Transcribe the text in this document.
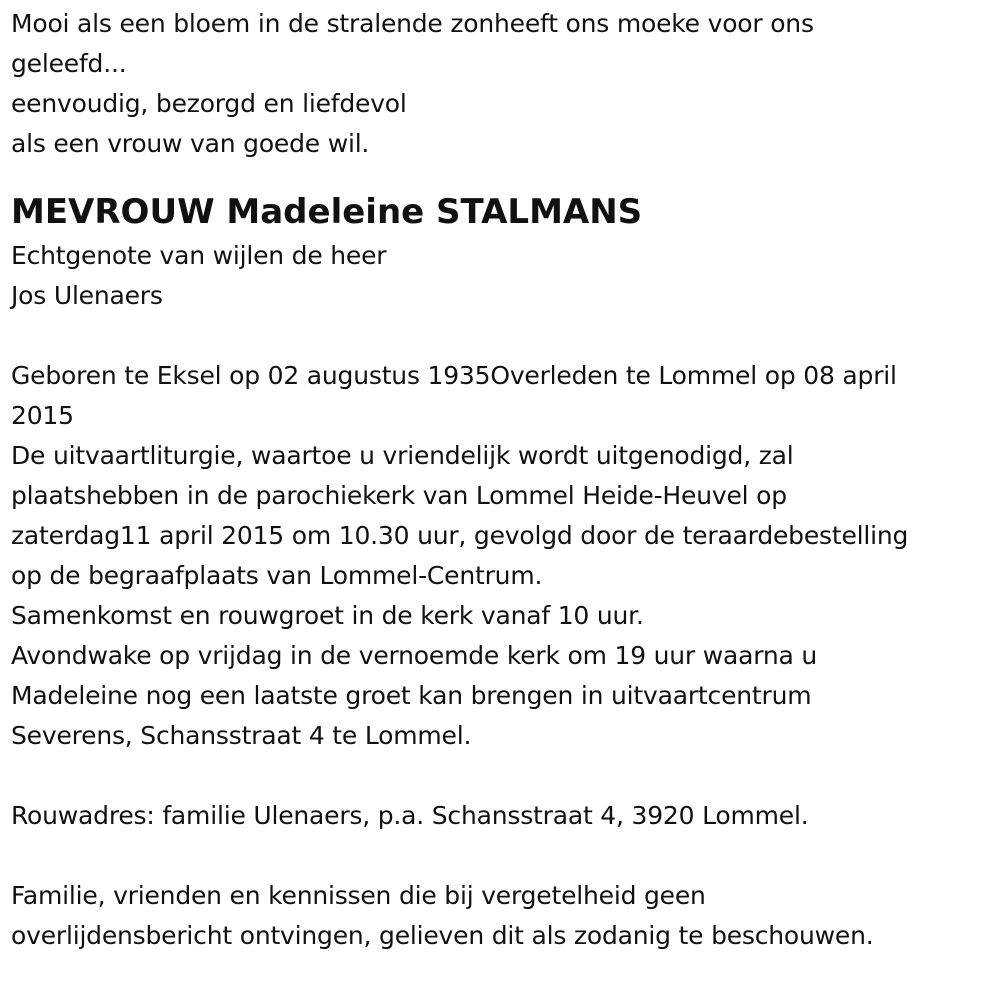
Mooi als een bloem in de stralende zonheeft ons moeke voor ons
geleefd...
eenvoudig, bezorgd en liefdevol
als een vrouw van goede wil.
MEVROUW Madeleine STALMANS
Echtgenote van wijlen de heer
Jos Ulenaers
Geboren te Eksel op 02 augustus 1935Overleden te Lommel op 08 april
2015
De uitvaartliturgie, waartoe u vriendelijk wordt uitgenodigd, zal
plaatshebben in de parochiekerk van Lommel Heide-Heuvel op
zaterdag11 april 2015 om 10.30 uur, gevolgd door de teraardebestelling
op de begraafplaats van Lommel-Centrum.
Samenkomst en rouwgroet in de kerk vanaf 10 uur.
Avondwake op vrijdag in de vernoemde kerk om 19 uur waarna u
Madeleine nog een laatste groet kan brengen in uitvaartcentrum
Severens, Schansstraat 4 te Lommel.
Rouwadres: familie Ulenaers, p.a. Schansstraat 4, 3920 Lommel.
Familie, vrienden en kennissen die bij vergetelheid geen
overlijdensbericht ontvingen, gelieven dit als zodanig te beschouwen.
